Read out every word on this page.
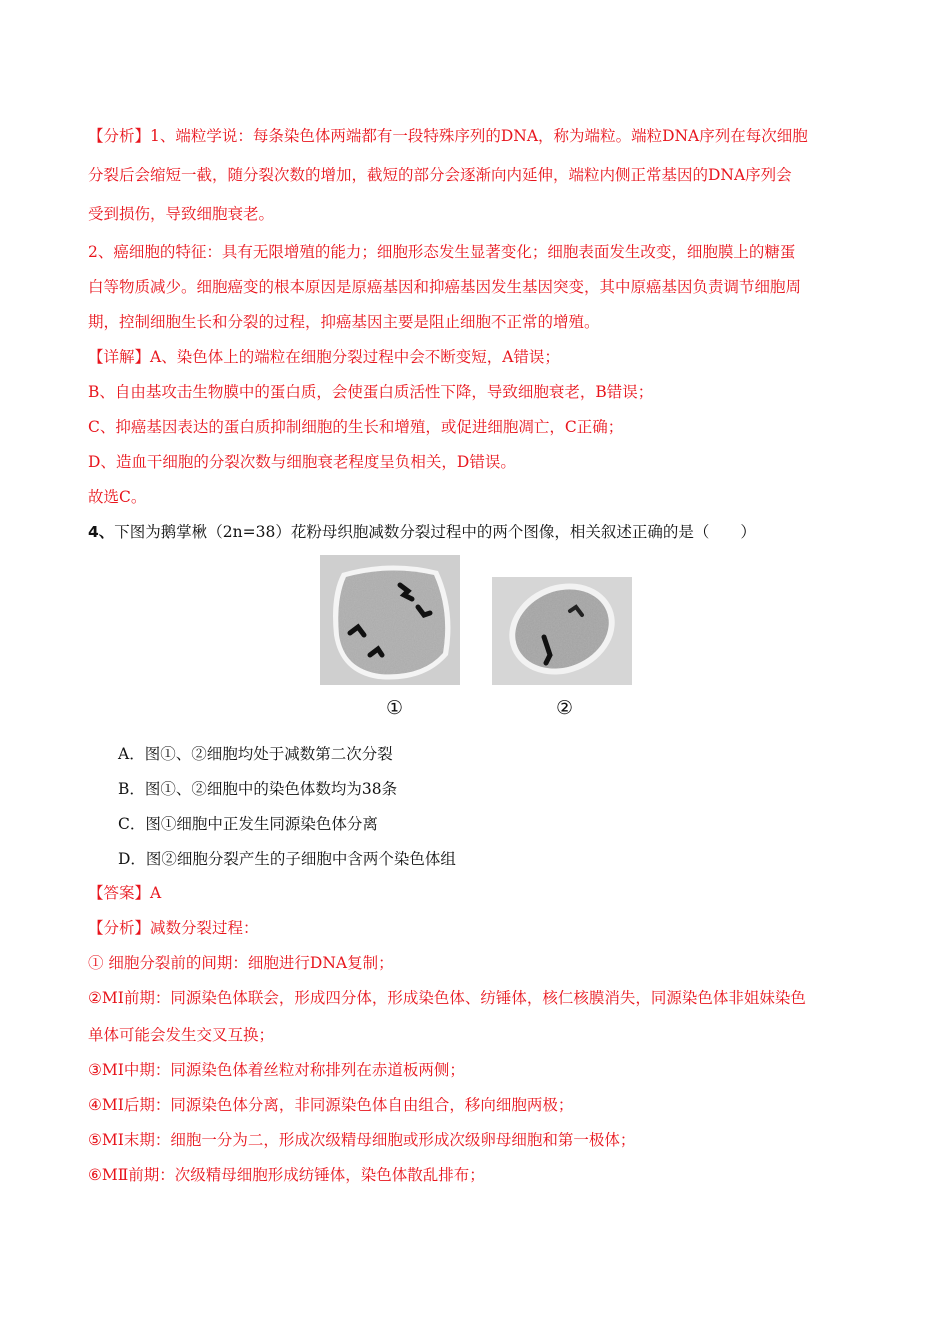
【分析】1、端粒学说：每条染色体两端都有一段特殊序列的DNA，称为端粒。端粒DNA序列在每次细胞
分裂后会缩短一截，随分裂次数的增加，截短的部分会逐渐向内延伸，端粒内侧正常基因的DNA序列会
受到损伤，导致细胞衰老。
2、癌细胞的特征：具有无限增殖的能力；细胞形态发生显著变化；细胞表面发生改变，细胞膜上的糖蛋
白等物质减少。细胞癌变的根本原因是原癌基因和抑癌基因发生基因突变，其中原癌基因负责调节细胞周
期，控制细胞生长和分裂的过程，抑癌基因主要是阻止细胞不正常的增殖。
【详解】A、染色体上的端粒在细胞分裂过程中会不断变短，A错误；
B、自由基攻击生物膜中的蛋白质，会使蛋白质活性下降，导致细胞衰老，B错误；
C、抑癌基因表达的蛋白质抑制细胞的生长和增殖，或促进细胞凋亡，C正确；
D、造血干细胞的分裂次数与细胞衰老程度呈负相关，D错误。
故选C。
4、下图为鹅掌楸（2n=38）花粉母织胞减数分裂过程中的两个图像，相关叙述正确的是（　　）
①	②
A．图①、②细胞均处于减数第二次分裂
B．图①、②细胞中的染色体数均为38条
C．图①细胞中正发生同源染色体分离
D．图②细胞分裂产生的子细胞中含两个染色体组
【答案】A
【分析】减数分裂过程：
① 细胞分裂前的间期：细胞进行DNA复制；
②MⅠ前期：同源染色体联会，形成四分体，形成染色体、纺锤体，核仁核膜消失，同源染色体非姐妹染色
单体可能会发生交叉互换；
③MⅠ中期：同源染色体着丝粒对称排列在赤道板两侧；
④MⅠ后期：同源染色体分离，非同源染色体自由组合，移向细胞两极；
⑤MⅠ末期：细胞一分为二，形成次级精母细胞或形成次级卵母细胞和第一极体；
⑥MⅡ前期：次级精母细胞形成纺锤体，染色体散乱排布；
